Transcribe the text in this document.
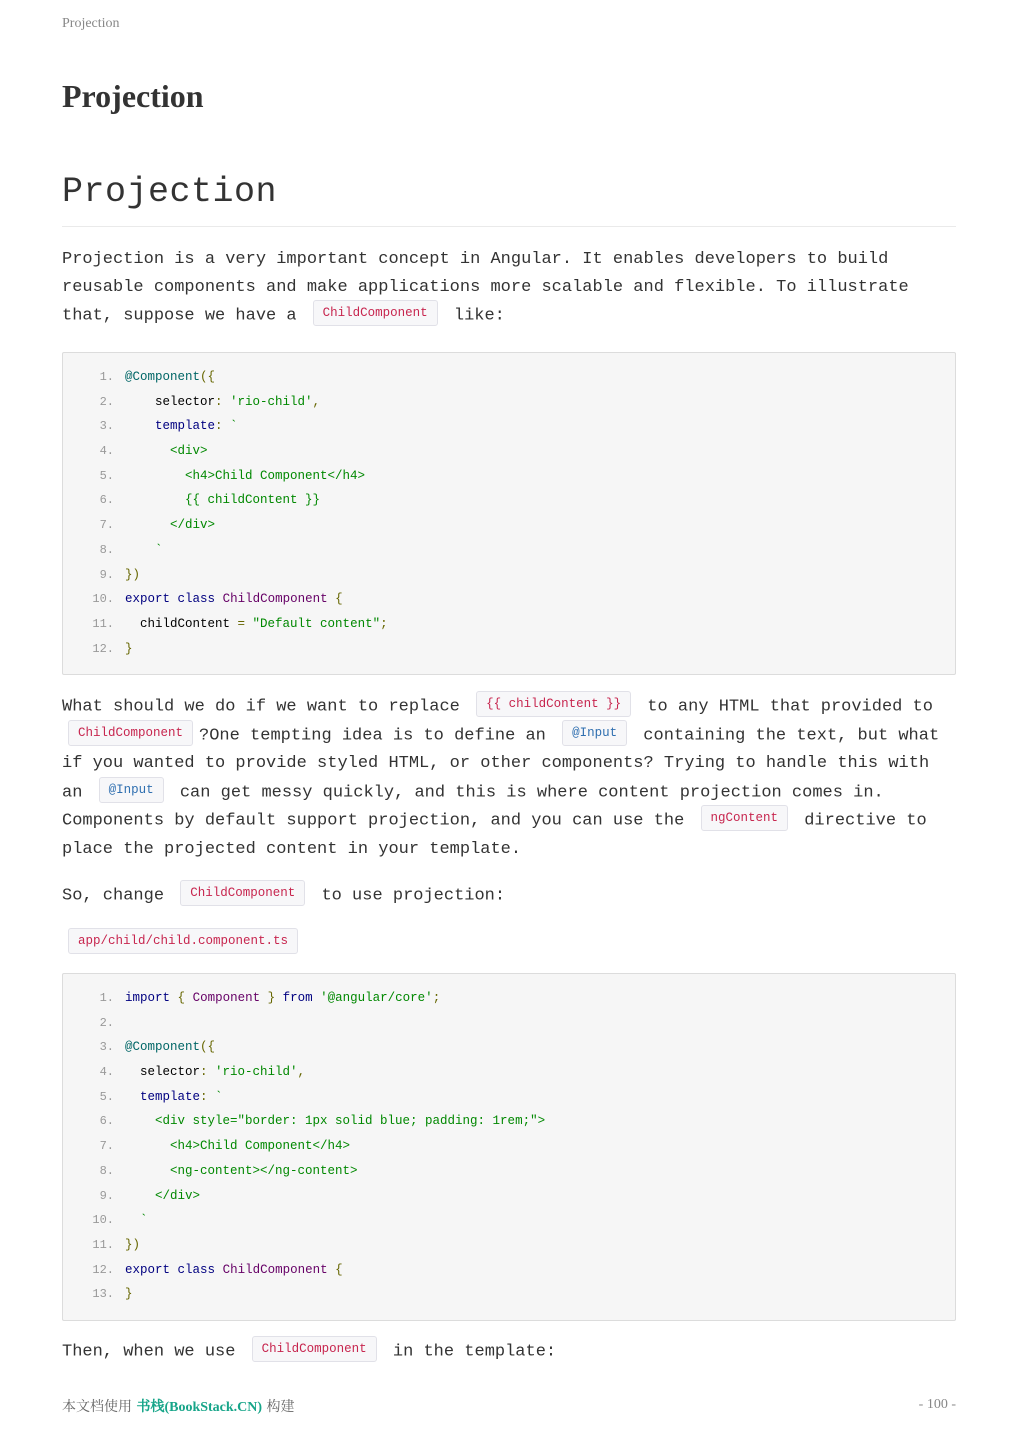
Projection
Projection
Projection

Projection is a very important concept in Angular. It enables developers to build reusable components and make applications more scalable and flexible. To illustrate that, suppose we have a ChildComponent like:

1. @Component({
2. selector: 'rio-child',
3. template: `
4. <div>
5. <h4>Child Component</h4>
6. {{ childContent }}
7. </div>
8. `
9. })
10. export class ChildComponent {
11. childContent = "Default content";
12. }

What should we do if we want to replace {{ childContent }} to any HTML that provided to ChildComponent ?One tempting idea is to define an @Input containing the text, but what if you wanted to provide styled HTML, or other components? Trying to handle this with an @Input can get messy quickly, and this is where content projection comes in. Components by default support projection, and you can use the ngContent directive to place the projected content in your template.

So, change ChildComponent to use projection:

app/child/child.component.ts
1. import { Component } from '@angular/core';
2.
3. @Component({
4. selector: 'rio-child',
5. template: `
6. <div style="border: 1px solid blue; padding: 1rem;">
7. <h4>Child Component</h4>
8. <ng-content></ng-content>
9. </div>
10. `
11. })
12. export class ChildComponent {
13. }

Then, when we use ChildComponent in the template:

本文档使用 书栈(BookStack.CN) 构建	- 100 -
